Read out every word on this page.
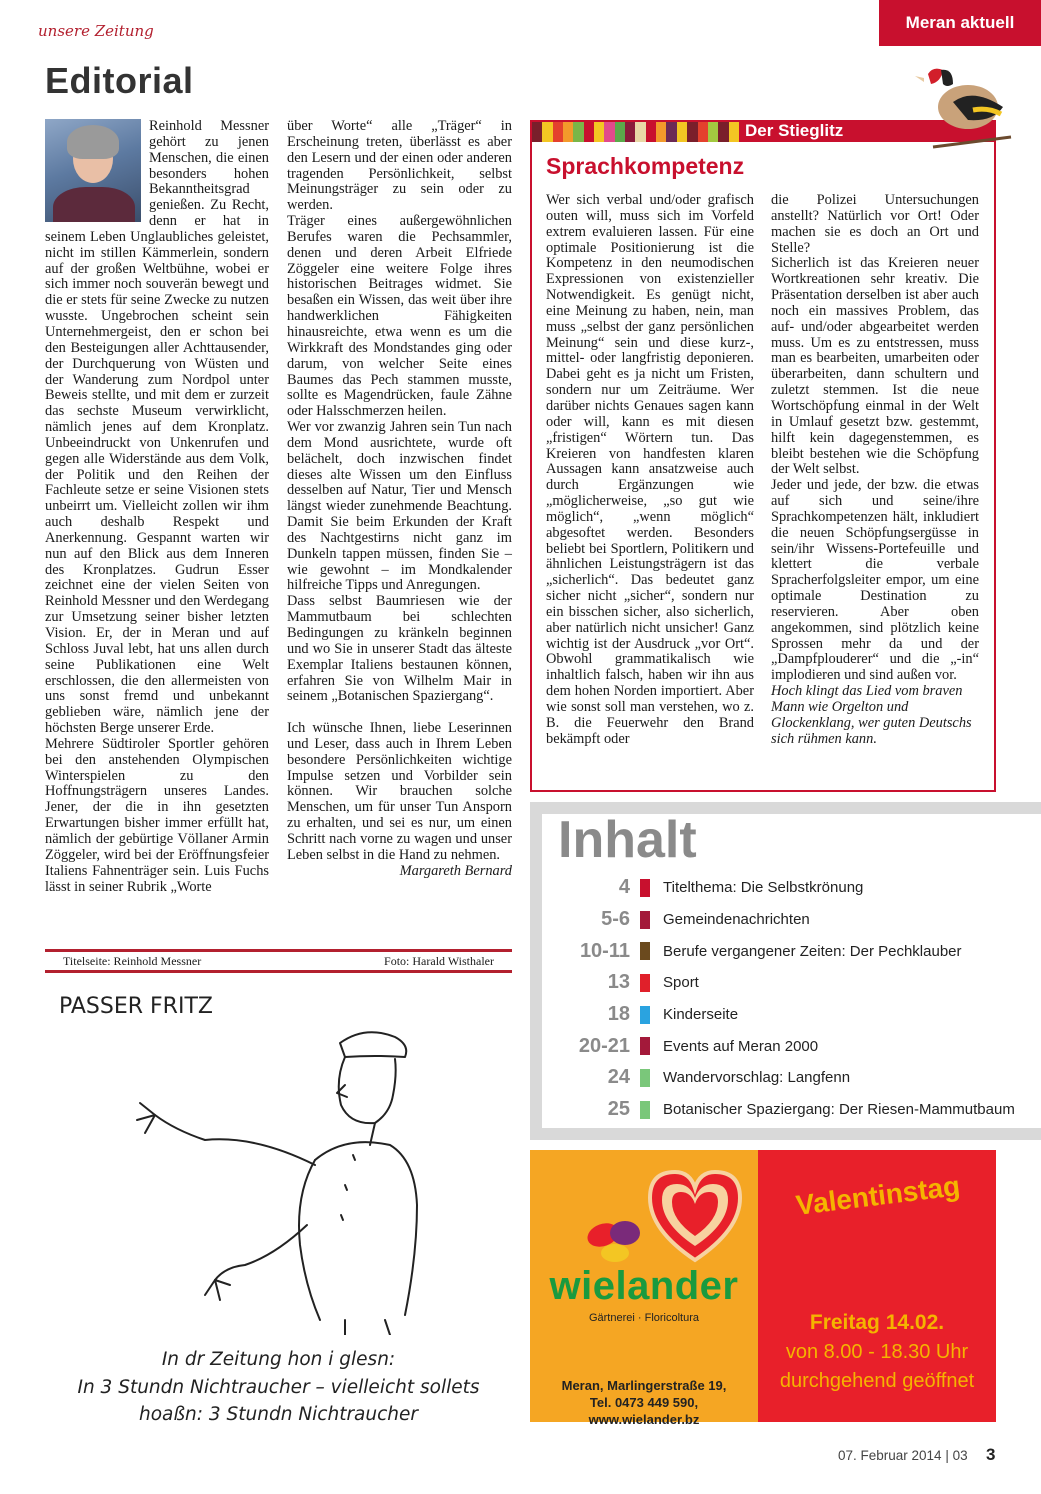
unsere Zeitung	Meran aktuell
Editorial

Reinhold Messner gehört zu jenen Menschen, die einen besonders hohen Bekanntheitsgrad genießen. Zu Recht, denn er hat in seinem Leben Unglaubliches geleistet, nicht im stillen Kämmerlein, sondern auf der großen Weltbühne, wobei er sich immer noch souverän bewegt und die er stets für seine Zwecke zu nutzen wusste. Ungebrochen scheint sein Unternehmergeist, den er schon bei den Besteigungen aller Achttausender, der Durchquerung von Wüsten und der Wanderung zum Nordpol unter Beweis stellte, und mit dem er zurzeit das sechste Museum verwirklicht, nämlich jenes auf dem Kronplatz. Unbeeindruckt von Unkenrufen und gegen alle Widerstände aus dem Volk, der Politik und den Reihen der Fachleute setze er seine Visionen stets unbeirrt um. Vielleicht zollen wir ihm auch deshalb Respekt und Anerkennung. Gespannt warten wir nun auf den Blick aus dem Inneren des Kronplatzes. Gudrun Esser zeichnet eine der vielen Seiten von Reinhold Messner und den Werdegang zur Umsetzung seiner bisher letzten Vision. Er, der in Meran und auf Schloss Juval lebt, hat uns allen durch seine Publikationen eine Welt erschlossen, die den allermeisten von uns sonst fremd und unbekannt geblieben wäre, nämlich jene der höchsten Berge unserer Erde.

Mehrere Südtiroler Sportler gehören bei den anstehenden Olympischen Winterspielen zu den Hoffnungsträgern unseres Landes. Jener, der die in ihn gesetzten Erwartungen bisher immer erfüllt hat, nämlich der gebürtige Völlaner Armin Zöggeler, wird bei der Eröffnungsfeier Italiens Fahnenträger sein. Luis Fuchs lässt in seiner Rubrik „Worte

über Worte“ alle „Träger“ in Erscheinung treten, überlässt es aber den Lesern und der einen oder anderen tragenden Persönlichkeit, selbst Meinungsträger zu sein oder zu werden.

Träger eines außergewöhnlichen Berufes waren die Pechsammler, denen und deren Arbeit Elfriede Zöggeler eine weitere Folge ihres historischen Beitrages widmet. Sie besaßen ein Wissen, das weit über ihre handwerklichen Fähigkeiten hinausreichte, etwa wenn es um die Wirkkraft des Mondstandes ging oder darum, von welcher Seite eines Baumes das Pech stammen musste, sollte es Magendrücken, faule Zähne oder Halsschmerzen heilen.

Wer vor zwanzig Jahren sein Tun nach dem Mond ausrichtete, wurde oft belächelt, doch inzwischen findet dieses alte Wissen um den Einfluss desselben auf Natur, Tier und Mensch längst wieder zunehmende Beachtung. Damit Sie beim Erkunden der Kraft des Nachtgestirns nicht ganz im Dunkeln tappen müssen, finden Sie – wie gewohnt – im Mondkalender hilfreiche Tipps und Anregungen.

Dass selbst Baumriesen wie der Mammutbaum bei schlechten Bedingungen zu kränkeln beginnen und wo Sie in unserer Stadt das älteste Exemplar Italiens bestaunen können, erfahren Sie von Wilhelm Mair in seinem „Botanischen Spaziergang“.

Ich wünsche Ihnen, liebe Leserinnen und Leser, dass auch in Ihrem Leben besondere Persönlichkeiten wichtige Impulse setzen und Vorbilder sein können. Wir brauchen solche Menschen, um für unser Tun Ansporn zu erhalten, und sei es nur, um einen Schritt nach vorne zu wagen und unser Leben selbst in die Hand zu nehmen.

Margareth Bernard

Titelseite: Reinhold Messner	Foto: Harald Wisthaler
PASSER FRITZ
In dr Zeitung hon i glesn:
In 3 Stundn Nichtraucher – vielleicht sollets
hoaßn: 3 Stundn Nichtraucher
Der Stieglitz
Sprachkompetenz

Wer sich verbal und/oder grafisch outen will, muss sich im Vorfeld extrem evaluieren lassen. Für eine optimale Positionierung ist die Kompetenz in den neumodischen Expressionen von existenzieller Notwendigkeit. Es genügt nicht, eine Meinung zu haben, nein, man muss „selbst der ganz persönlichen Meinung“ sein und diese kurz-, mittel- oder langfristig deponieren. Dabei geht es ja nicht um Fristen, sondern nur um Zeiträume. Wer darüber nichts Genaues sagen kann oder will, kann es mit diesen „fristigen“ Wörtern tun. Das Kreieren von handfesten klaren Aussagen kann ansatzweise auch durch Ergänzungen wie „möglicherweise, „so gut wie möglich“, „wenn möglich“ abgesoftet werden. Besonders beliebt bei Sportlern, Politikern und ähnlichen Leistungsträgern ist das „sicherlich“. Das bedeutet ganz sicher nicht „sicher“, sondern nur ein bisschen sicher, also sicherlich, aber natürlich nicht unsicher! Ganz wichtig ist der Ausdruck „vor Ort“. Obwohl grammatikalisch wie inhaltlich falsch, haben wir ihn aus dem hohen Norden importiert. Aber wie sonst soll man verstehen, wo z. B. die Feuerwehr den Brand bekämpft oder

die Polizei Untersuchungen anstellt? Natürlich vor Ort! Oder machen sie es doch an Ort und Stelle?

Sicherlich ist das Kreieren neuer Wortkreationen sehr kreativ. Die Präsentation derselben ist aber auch noch ein massives Problem, das auf- und/oder abgearbeitet werden muss. Um es zu entstressen, muss man es bearbeiten, umarbeiten oder überarbeiten, dann schultern und zuletzt stemmen. Ist die neue Wortschöpfung einmal in der Welt in Umlauf gesetzt bzw. gestemmt, hilft kein dagegenstemmen, es bleibt bestehen wie die Schöpfung der Welt selbst.

Jeder und jede, der bzw. die etwas auf sich und seine/ihre Sprachkompetenzen hält, inkludiert die neuen Schöpfungsergüsse in sein/ihr Wissens-Portefeuille und klettert die verbale Spracherfolgsleiter empor, um eine optimale Destination zu reservieren. Aber oben angekommen, sind plötzlich keine Sprossen mehr da und der „Dampfplouderer“ und die „-in“ implodieren und sind außen vor.

Hoch klingt das Lied vom braven Mann wie Orgelton und Glockenklang, wer guten Deutschs sich rühmen kann.

Inhalt
4	Titelthema: Die Selbstkrönung
5-6	Gemeindenachrichten
10-11	Berufe vergangener Zeiten: Der Pechklauber
13	Sport
18	Kinderseite
20-21	Events auf Meran 2000
24	Wandervorschlag: Langfenn
25	Botanischer Spaziergang: Der Riesen-Mammutbaum
wielander
Gärtnerei · Floricoltura
Meran, Marlingerstraße 19,
Tel. 0473 449 590, www.wielander.bz
Valentinstag
Freitag 14.02.
von 8.00 - 18.30 Uhr
durchgehend geöffnet
07. Februar 2014 | 03 3
